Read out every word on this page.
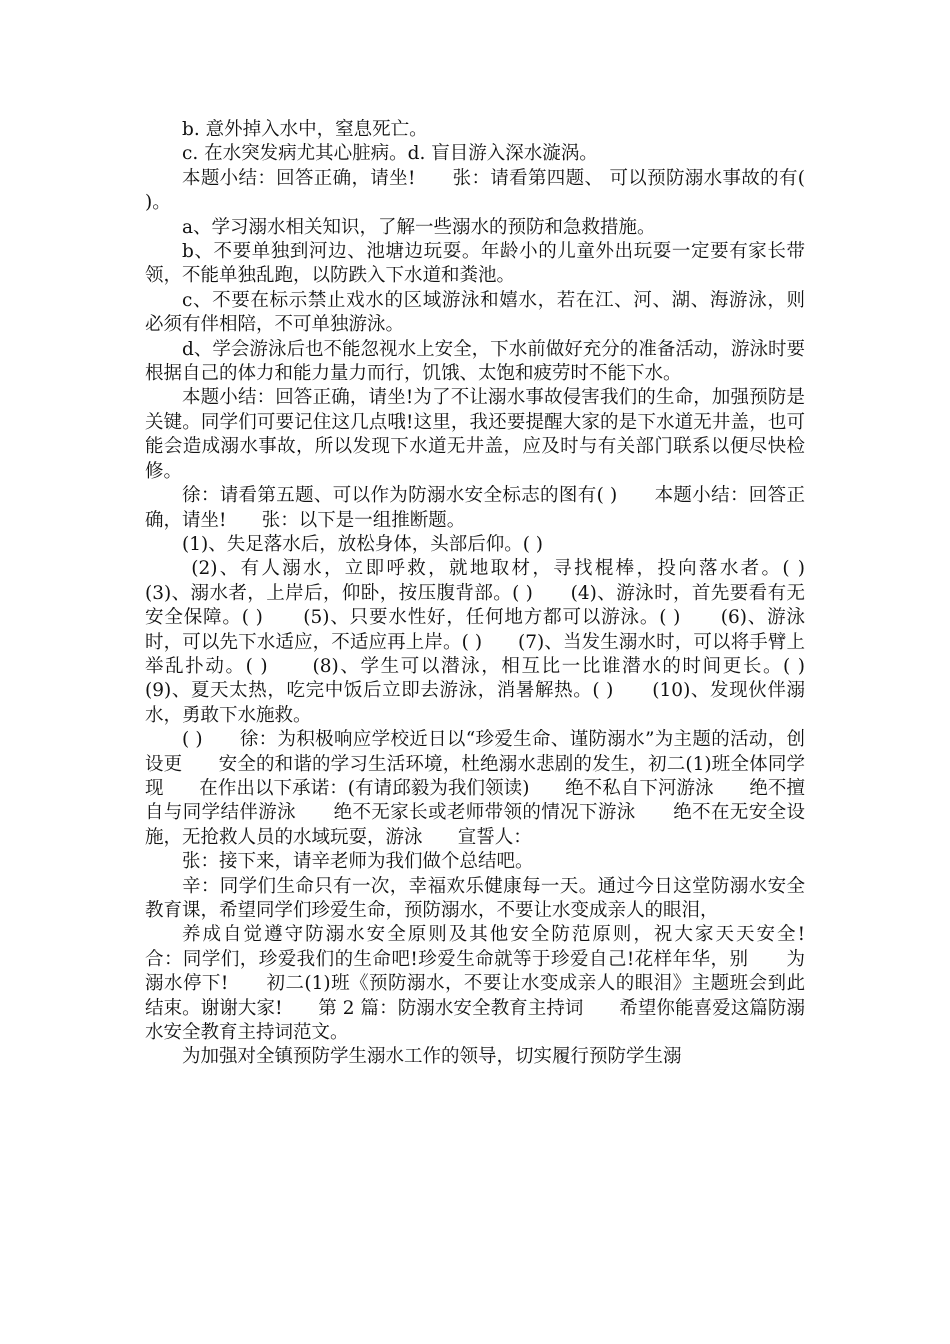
b. 意外掉入水中，窒息死亡。

c. 在水突发病尤其心脏病。d. 盲目游入深水漩涡。

本题小结：回答正确，请坐!      张：请看第四题、 可以预防溺水事故的有( )。

a、学习溺水相关知识，了解一些溺水的预防和急救措施。

b、不要单独到河边、池塘边玩耍。年龄小的儿童外出玩耍一定要有家长带      领，不能单独乱跑，以防跌入下水道和粪池。

c、不要在标示禁止戏水的区域游泳和嬉水，若在江、河、湖、海游泳，则      必须有伴相陪，不可单独游泳。

d、学会游泳后也不能忽视水上安全，下水前做好充分的准备活动，游泳时要根据自己的体力和能力量力而行，饥饿、太饱和疲劳时不能下水。

本题小结：回答正确，请坐!为了不让溺水事故侵害我们的生命，加强预防是关键。同学们可要记住这几点哦!这里，我还要提醒大家的是下水道无井盖，也可能会造成溺水事故，所以发现下水道无井盖，应及时与有关部门联系以便尽快检修。

徐：请看第五题、可以作为防溺水安全标志的图有( )      本题小结：回答正确，请坐!      张：以下是一组推断题。

(1)、失足落水后，放松身体，头部后仰。( )

(2)、有人溺水，立即呼救，就地取材，寻找棍棒，投向落水者。( )      (3)、溺水者，上岸后，仰卧，按压腹背部。( )      (4)、游泳时，首先要看有无安全保障。( )      (5)、只要水性好，任何地方都可以游泳。( )      (6)、游泳时，可以先下水适应，不适应再上岸。( )      (7)、当发生溺水时，可以将手臂上举乱扑动。( )      (8)、学生可以潜泳，相互比一比谁潜水的时间更长。( )      (9)、夏天太热，吃完中饭后立即去游泳，消暑解热。( )      (10)、发现伙伴溺水，勇敢下水施救。

( )      徐：为积极响应学校近日以“珍爱生命、谨防溺水”为主题的活动，创设更      安全的和谐的学习生活环境，杜绝溺水悲剧的发生，初二(1)班全体同学现      在作出以下承诺：(有请邱毅为我们领读)      绝不私自下河游泳      绝不擅自与同学结伴游泳      绝不无家长或老师带领的情况下游泳      绝不在无安全设施，无抢救人员的水域玩耍，游泳      宣誓人：

张：接下来，请辛老师为我们做个总结吧。

辛：同学们生命只有一次，幸福欢乐健康每一天。通过今日这堂防溺水安全教育课，希望同学们珍爱生命，预防溺水，不要让水变成亲人的眼泪，

养成自觉遵守防溺水安全原则及其他安全防范原则，祝大家天天安全!      合：同学们，珍爱我们的生命吧!珍爱生命就等于珍爱自己!花样年华，别      为溺水停下!      初二(1)班《预防溺水，不要让水变成亲人的眼泪》主题班会到此结束。谢谢大家!      第 2 篇：防溺水安全教育主持词      希望你能喜爱这篇防溺水安全教育主持词范文。

为加强对全镇预防学生溺水工作的领导，切实履行预防学生溺
